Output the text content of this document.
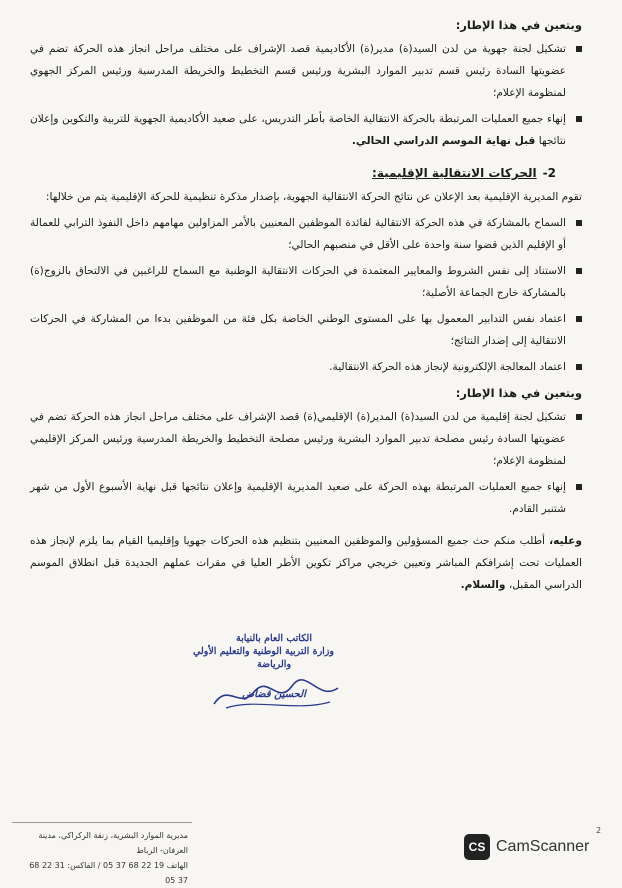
وبتعين في هذا الإطار:
تشكيل لجنة جهوية من لدن السيد(ة) مدير(ة) الأكاديمية قصد الإشراف على مختلف مراحل انجاز هذه الحركة تضم في عضويتها السادة رئيس قسم تدبير الموارد البشرية ورئيس قسم التخطيط والخريطة المدرسية ورئيس المركز الجهوي لمنظومة الإعلام؛
إنهاء جميع العمليات المرتبطة بالحركة الانتقالية الخاصة بأطر التدريس، على صعيد الأكاديمية الجهوية للتربية والتكوين وإعلان نتائجها قبل نهاية الموسم الدراسي الحالي.
2-الحركات الانتقالية الإقليمية:
تقوم المديرية الإقليمية بعد الإعلان عن نتائج الحركة الانتقالية الجهوية، بإصدار مذكرة تنظيمية للحركة الإقليمية يتم من خلالها:
السماح بالمشاركة في هذه الحركة الانتقالية لفائدة الموظفين المعنيين بالأمر المزاولين مهامهم داخل النفوذ الترابي للعمالة أو الإقليم الذين قضوا سنة واحدة على الأقل في منصبهم الحالي؛
الاستناد إلى نفس الشروط والمعايير المعتمدة في الحركات الانتقالية الوطنية مع السماح للراغبين في الالتحاق بالزوج(ة) بالمشاركة خارج الجماعة الأصلية؛
اعتماد نفس التدابير المعمول بها على المستوى الوطني الخاصة بكل فئة من الموظفين بدءا من المشاركة في الحركات الانتقالية إلى إصدار النتائج؛
اعتماد المعالجة الإلكترونية لإنجاز هذه الحركة الانتقالية.
وبتعين في هذا الإطار:
تشكيل لجنة إقليمية من لدن السيد(ة) المدير(ة) الإقليمي(ة) قصد الإشراف على مختلف مراحل انجاز هذه الحركة تضم في عضويتها السادة رئيس مصلحة تدبير الموارد البشرية ورئيس مصلحة التخطيط والخريطة المدرسية ورئيس المركز الإقليمي لمنظومة الإعلام؛
إنهاء جميع العمليات المرتبطة بهذه الحركة على صعيد المديرية الإقليمية وإعلان نتائجها قبل نهاية الأسبوع الأول من شهر شتنبر القادم.
وعليه، أطلب منكم حث جميع المسؤولين والموظفين المعنيين بتنظيم هذه الحركات جهويا وإقليميا القيام بما يلزم لإنجاز هذه العمليات تحت إشرافكم المباشر وتعيين خريجي مراكز تكوين الأطر العليا في مقرات عملهم الجديدة قبل انطلاق الموسم الدراسي المقبل، والسلام.
الكاتب العام بالنيابة
وزارة التربية الوطنية والتعليم الأولي
والرياضة
الحسين قضاض
مديرية الموارد البشرية، زنقة الركراكي، مدينة العرفان- الرباط
الهاتف 19 22 68 37 05 / الفاكس: 31 22 68 37 05
2
CS CamScanner
